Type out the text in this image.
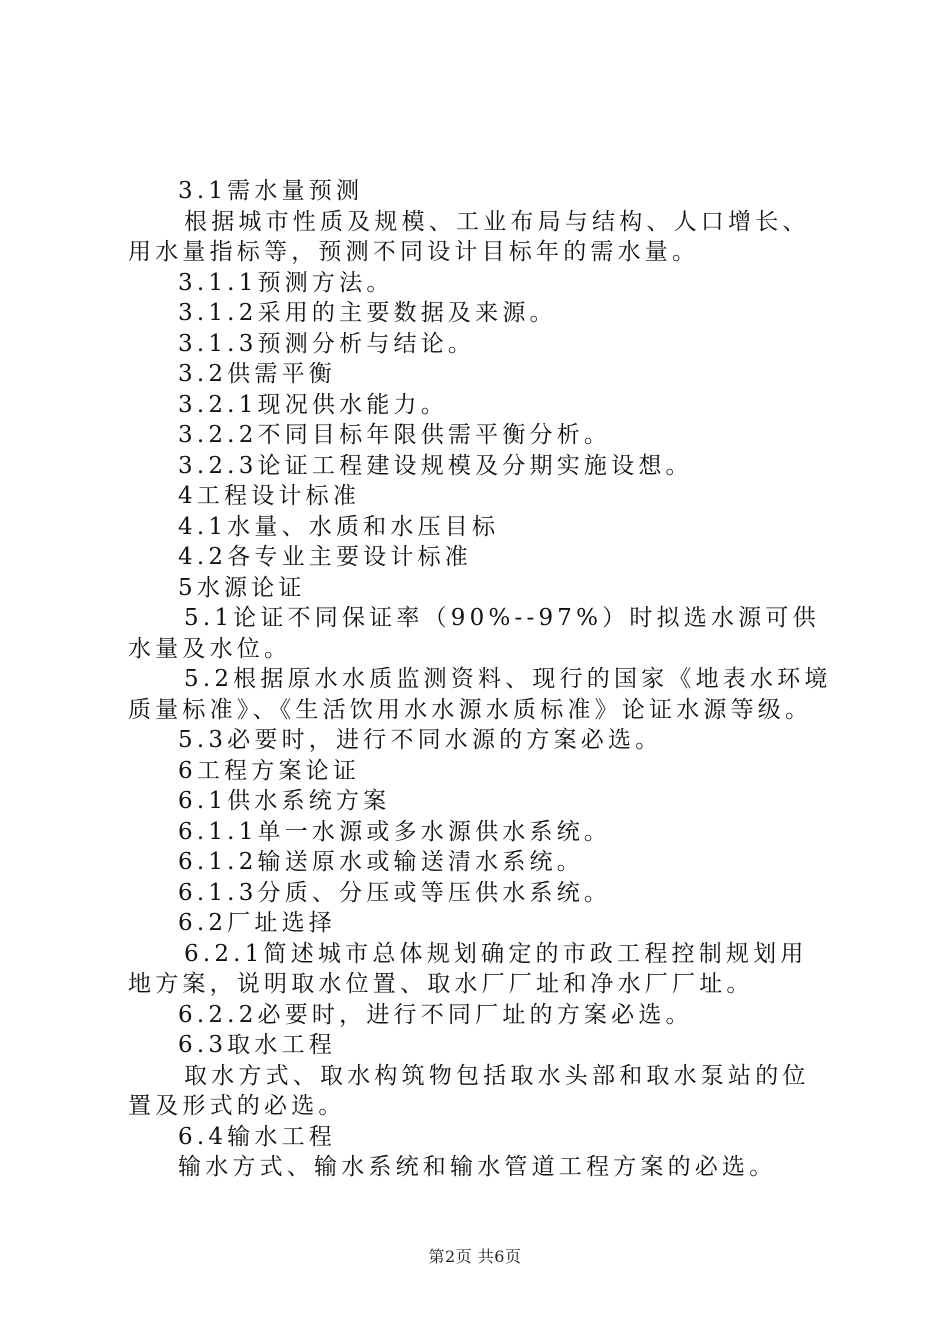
3.1需水量预测

根据城市性质及规模、工业布局与结构、人口增长、用水量指标等，预测不同设计目标年的需水量。

3.1.1预测方法。

3.1.2采用的主要数据及来源。

3.1.3预测分析与结论。

3.2供需平衡

3.2.1现况供水能力。

3.2.2不同目标年限供需平衡分析。

3.2.3论证工程建设规模及分期实施设想。

4工程设计标准

4.1水量、水质和水压目标

4.2各专业主要设计标准

5水源论证

5.1论证不同保证率（90%--97%）时拟选水源可供水量及水位。

5.2根据原水水质监测资料、现行的国家《地表水环境质量标准》、《生活饮用水水源水质标准》论证水源等级。

5.3必要时，进行不同水源的方案必选。

6工程方案论证

6.1供水系统方案

6.1.1单一水源或多水源供水系统。

6.1.2输送原水或输送清水系统。

6.1.3分质、分压或等压供水系统。

6.2厂址选择

6.2.1简述城市总体规划确定的市政工程控制规划用地方案，说明取水位置、取水厂厂址和净水厂厂址。

6.2.2必要时，进行不同厂址的方案必选。

6.3取水工程

取水方式、取水构筑物包括取水头部和取水泵站的位置及形式的必选。

6.4输水工程

输水方式、输水系统和输水管道工程方案的必选。

第2页 共6页
